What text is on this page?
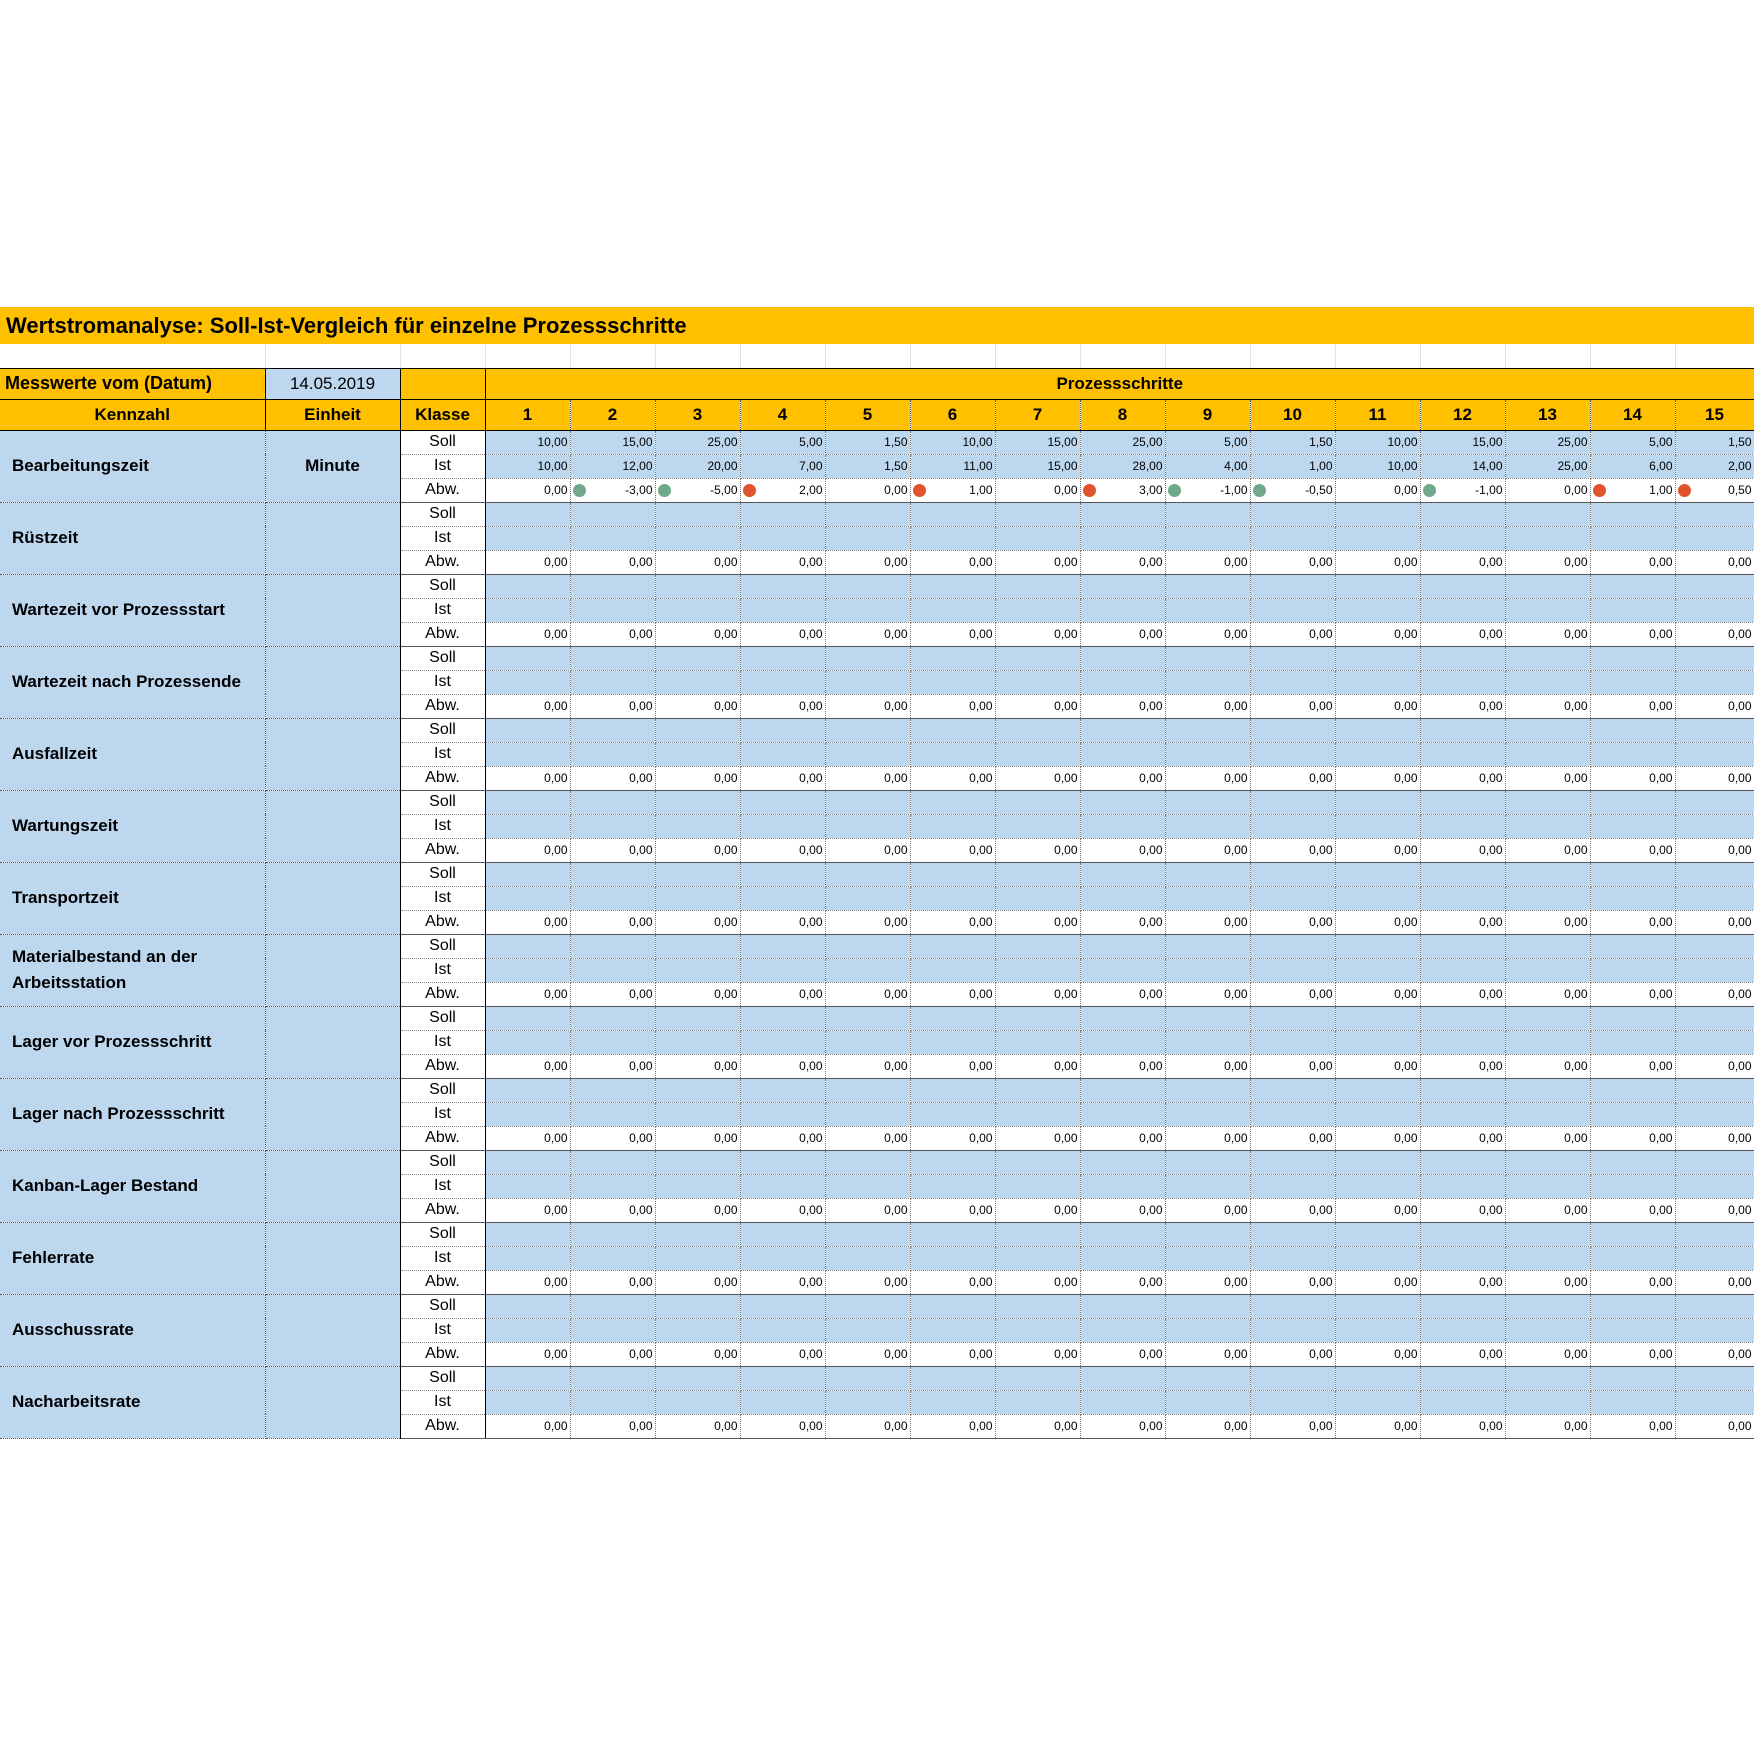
Wertstromanalyse: Soll-Ist-Vergleich für einzelne Prozessschritte

Messwerte vom (Datum)	14.05.2019		Prozessschritte														
Kennzahl	Einheit	Klasse	1	2	3	4	5	6	7	8	9	10	11	12	13	14	15
Bearbeitungszeit	Minute	Soll	10,00	15,00	25,00	5,00	1,50	10,00	15,00	25,00	5,00	1,50	10,00	15,00	25,00	5,00	1,50
		Ist	10,00	12,00	20,00	7,00	1,50	11,00	15,00	28,00	4,00	1,00	10,00	14,00	25,00	6,00	2,00
		Abw.	0,00	-3,00	-5,00	2,00	0,00	1,00	0,00	3,00	-1,00	-0,50	0,00	-1,00	0,00	1,00	0,50

Rüstzeit		Soll															
		Ist															
		Abw.	0,00	0,00	0,00	0,00	0,00	0,00	0,00	0,00	0,00	0,00	0,00	0,00	0,00	0,00	0,00
Wartezeit vor Prozessstart		Soll															
		Ist															
		Abw.	0,00	0,00	0,00	0,00	0,00	0,00	0,00	0,00	0,00	0,00	0,00	0,00	0,00	0,00	0,00
Wartezeit nach Prozessende		Soll															
		Ist															
		Abw.	0,00	0,00	0,00	0,00	0,00	0,00	0,00	0,00	0,00	0,00	0,00	0,00	0,00	0,00	0,00
Ausfallzeit		Soll															
		Ist															
		Abw.	0,00	0,00	0,00	0,00	0,00	0,00	0,00	0,00	0,00	0,00	0,00	0,00	0,00	0,00	0,00
Wartungszeit		Soll															
		Ist															
		Abw.	0,00	0,00	0,00	0,00	0,00	0,00	0,00	0,00	0,00	0,00	0,00	0,00	0,00	0,00	0,00
Transportzeit		Soll															
		Ist															
		Abw.	0,00	0,00	0,00	0,00	0,00	0,00	0,00	0,00	0,00	0,00	0,00	0,00	0,00	0,00	0,00
Materialbestand an der Arbeitsstation		Soll															
		Ist															
		Abw.	0,00	0,00	0,00	0,00	0,00	0,00	0,00	0,00	0,00	0,00	0,00	0,00	0,00	0,00	0,00
Lager vor Prozessschritt		Soll															
		Ist															
		Abw.	0,00	0,00	0,00	0,00	0,00	0,00	0,00	0,00	0,00	0,00	0,00	0,00	0,00	0,00	0,00
Lager nach Prozessschritt		Soll															
		Ist															
		Abw.	0,00	0,00	0,00	0,00	0,00	0,00	0,00	0,00	0,00	0,00	0,00	0,00	0,00	0,00	0,00
Kanban-Lager Bestand		Soll															
		Ist															
		Abw.	0,00	0,00	0,00	0,00	0,00	0,00	0,00	0,00	0,00	0,00	0,00	0,00	0,00	0,00	0,00
Fehlerrate		Soll															
		Ist															
		Abw.	0,00	0,00	0,00	0,00	0,00	0,00	0,00	0,00	0,00	0,00	0,00	0,00	0,00	0,00	0,00
Ausschussrate		Soll															
		Ist															
		Abw.	0,00	0,00	0,00	0,00	0,00	0,00	0,00	0,00	0,00	0,00	0,00	0,00	0,00	0,00	0,00
Nacharbeitsrate		Soll															
		Ist															
		Abw.	0,00	0,00	0,00	0,00	0,00	0,00	0,00	0,00	0,00	0,00	0,00	0,00	0,00	0,00	0,00
